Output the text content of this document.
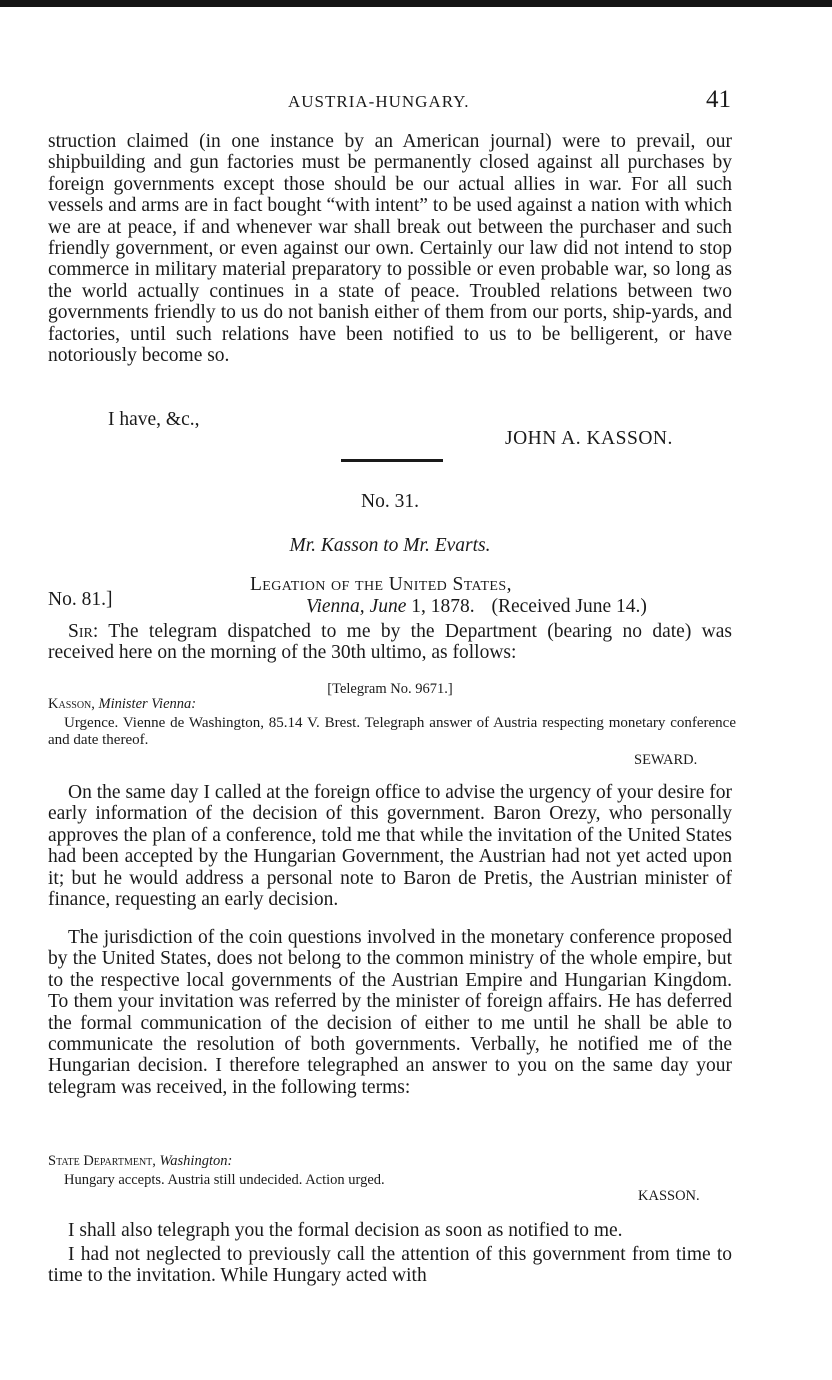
AUSTRIA-HUNGARY.	41

struction claimed (in one instance by an American journal) were to prevail, our shipbuilding and gun factories must be permanently closed against all purchases by foreign governments except those should be our actual allies in war. For all such vessels and arms are in fact bought “with intent” to be used against a nation with which we are at peace, if and whenever war shall break out between the purchaser and such friendly government, or even against our own. Certainly our law did not intend to stop commerce in military material preparatory to possible or even probable war, so long as the world actually continues in a state of peace. Troubled relations between two governments friendly to us do not banish either of them from our ports, ship-yards, and factories, until such relations have been notified to us to be belligerent, or have notoriously become so.

I have, &c.,
JOHN A. KASSON.
No. 31.
Mr. Kasson to Mr. Evarts.
No. 81.]
Legation of the United States,
Vienna, June 1, 1878. (Received June 14.)

Sir: The telegram dispatched to me by the Department (bearing no date) was received here on the morning of the 30th ultimo, as follows:

[Telegram No. 9671.]
Kasson, Minister Vienna:

Urgence. Vienne de Washington, 85.14 V. Brest. Telegraph answer of Austria respecting monetary conference and date thereof.

SEWARD.

On the same day I called at the foreign office to advise the urgency of your desire for early information of the decision of this government. Baron Orezy, who personally approves the plan of a conference, told me that while the invitation of the United States had been accepted by the Hungarian Government, the Austrian had not yet acted upon it; but he would address a personal note to Baron de Pretis, the Austrian minister of finance, requesting an early decision.

The jurisdiction of the coin questions involved in the monetary conference proposed by the United States, does not belong to the common ministry of the whole empire, but to the respective local governments of the Austrian Empire and Hungarian Kingdom. To them your invitation was referred by the minister of foreign affairs. He has deferred the formal communication of the decision of either to me until he shall be able to communicate the resolution of both governments. Verbally, he notified me of the Hungarian decision. I therefore telegraphed an answer to you on the same day your telegram was received, in the following terms:

State Department, Washington:
Hungary accepts. Austria still undecided. Action urged.
KASSON.

I shall also telegraph you the formal decision as soon as notified to me.

I had not neglected to previously call the attention of this government from time to time to the invitation. While Hungary acted with
